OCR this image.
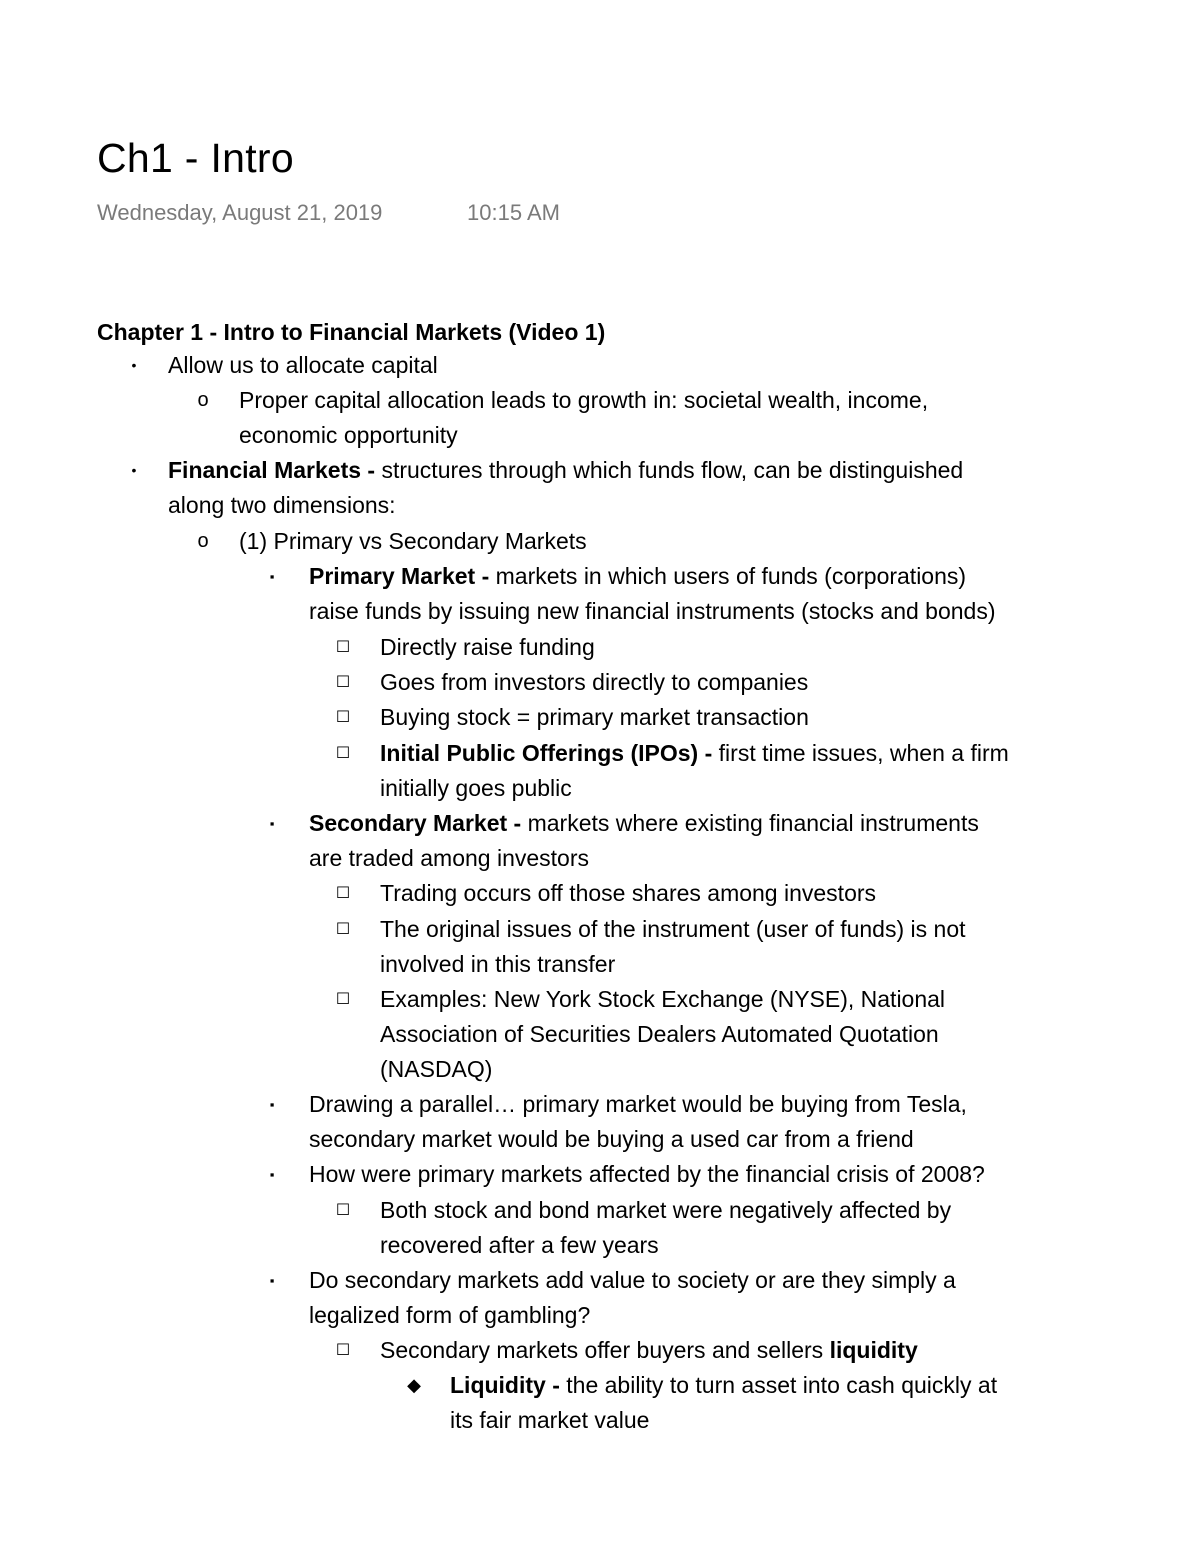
Ch1 - Intro
Wednesday, August 21, 2019	10:15 AM
Chapter 1 - Intro to Financial Markets (Video 1)
• Allow us to allocate capital
o Proper capital allocation leads to growth in: societal wealth, income,
economic opportunity
• Financial Markets - structures through which funds flow, can be distinguished
along two dimensions:
o (1) Primary vs Secondary Markets
▪ Primary Market - markets in which users of funds (corporations)
raise funds by issuing new financial instruments (stocks and bonds)
☐ Directly raise funding
☐ Goes from investors directly to companies
☐ Buying stock = primary market transaction
☐ Initial Public Offerings (IPOs) - first time issues, when a firm
initially goes public
▪ Secondary Market - markets where existing financial instruments
are traded among investors
☐ Trading occurs off those shares among investors
☐ The original issues of the instrument (user of funds) is not
involved in this transfer
☐ Examples: New York Stock Exchange (NYSE), National
Association of Securities Dealers Automated Quotation
(NASDAQ)
▪ Drawing a parallel… primary market would be buying from Tesla,
secondary market would be buying a used car from a friend
▪ How were primary markets affected by the financial crisis of 2008?
☐ Both stock and bond market were negatively affected by
recovered after a few years
▪ Do secondary markets add value to society or are they simply a
legalized form of gambling?
☐ Secondary markets offer buyers and sellers liquidity
◆ Liquidity - the ability to turn asset into cash quickly at
its fair market value
